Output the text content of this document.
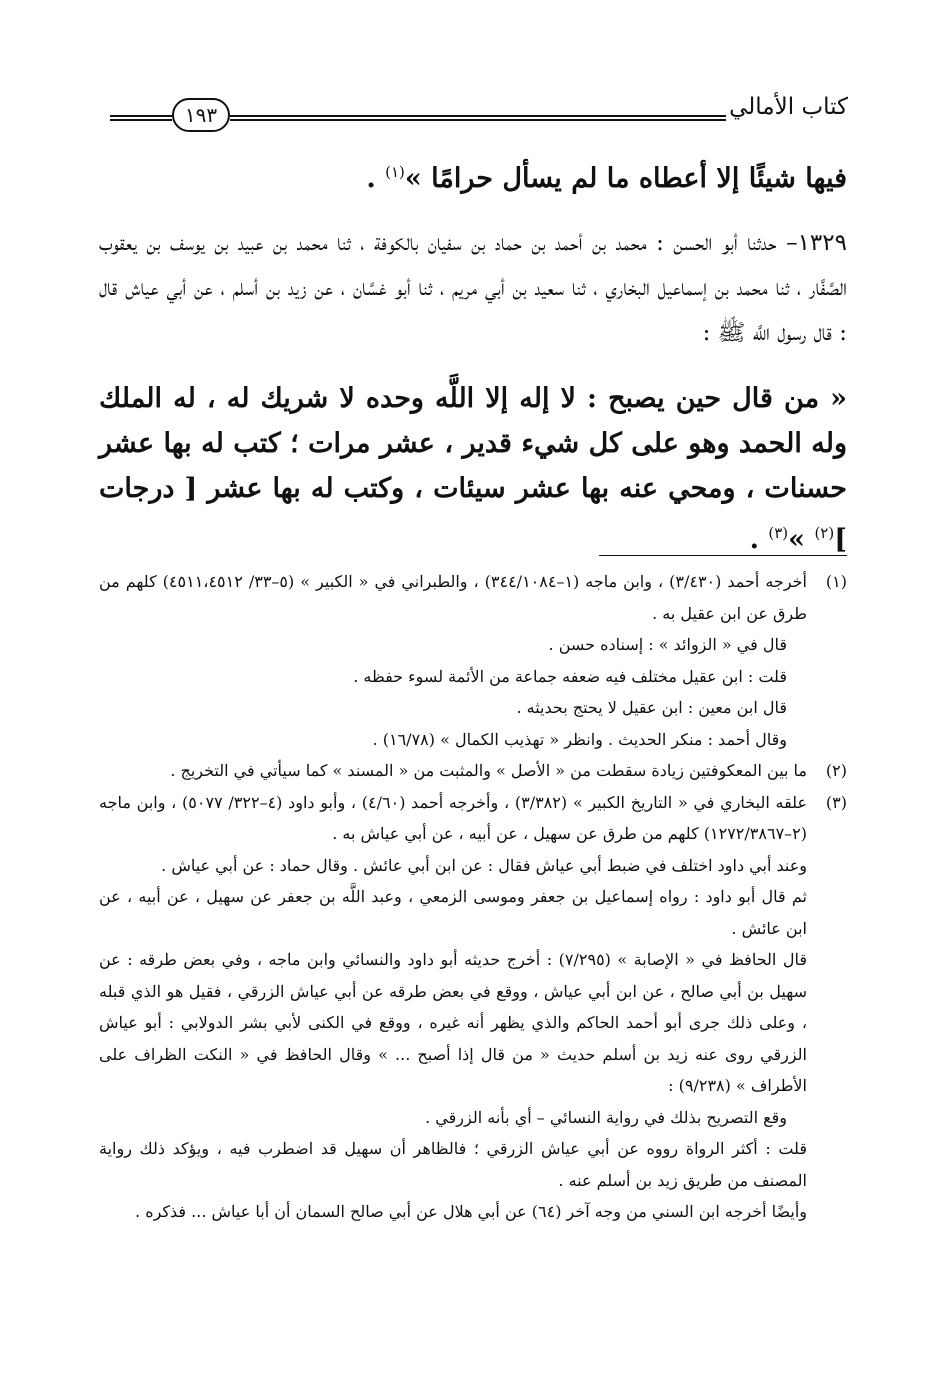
كتاب الأمالي
١٩٣

فيها شيئًا إلا أعطاه ما لم يسأل حرامًا »$^{(١)}$ .

١٣٢٩– حدثنا أبو الحسن : محمد بن أحمد بن حماد بن سفيان بالكوفة ، ثنا محمد بن عبيد بن يوسف بن يعقوب الصَّفَّار ، ثنا محمد بن إسماعيل البخاري ، ثنا سعيد بن أبي مريم ، ثنا أبو غسَّان ، عن زيد بن أسلم ، عن أبي عياش قال : قال رسول اللَّه ﷺ :

« من قال حين يصبح : لا إله إلا اللَّه وحده لا شريك له ، له الملك وله الحمد وهو على كل شيء قدير ، عشر مرات ؛ كتب له بها عشر حسنات ، ومحي عنه بها عشر سيئات ، وكتب له بها عشر [ درجات ]$^{(٢)}$ »$^{(٣)}$ .

(١)

أخرجه أحمد (٣/٤٣٠) ، وابن ماجه (١–٣٤٤/١٠٨٤) ، والطبراني في « الكبير » (٥–٣٣/ ٤٥١١،٤٥١٢) كلهم من طرق عن ابن عقيل به .

قال في « الزوائد » : إسناده حسن .

قلت : ابن عقيل مختلف فيه ضعفه جماعة من الأئمة لسوء حفظه .

قال ابن معين : ابن عقيل لا يحتج بحديثه .

وقال أحمد : منكر الحديث . وانظر « تهذيب الكمال » (١٦/٧٨) .

(٢)

ما بين المعكوفتين زيادة سقطت من « الأصل » والمثبت من « المسند » كما سيأتي في التخريج .

(٣)

علقه البخاري في « التاريخ الكبير » (٣/٣٨٢) ، وأخرجه أحمد (٤/٦٠) ، وأبو داود (٤–٣٢٢/ ٥٠٧٧) ، وابن ماجه (٢–١٢٧٢/٣٨٦٧) كلهم من طرق عن سهيل ، عن أبيه ، عن أبي عياش به .

وعند أبي داود اختلف في ضبط أبي عياش فقال : عن ابن أبي عائش . وقال حماد : عن أبي عياش .

ثم قال أبو داود : رواه إسماعيل بن جعفر وموسى الزمعي ، وعبد اللَّه بن جعفر عن سهيل ، عن أبيه ، عن ابن عائش .

قال الحافظ في « الإصابة » (٧/٢٩٥) : أخرج حديثه أبو داود والنسائي وابن ماجه ، وفي بعض طرقه : عن سهيل بن أبي صالح ، عن ابن أبي عياش ، ووقع في بعض طرقه عن أبي عياش الزرقي ، فقيل هو الذي قبله ، وعلى ذلك جرى أبو أحمد الحاكم والذي يظهر أنه غيره ، ووقع في الكنى لأبي بشر الدولابي : أبو عياش الزرقي روى عنه زيد بن أسلم حديث « من قال إذا أصبح ... » وقال الحافظ في « النكت الظراف على الأطراف » (٩/٢٣٨) :

وقع التصريح بذلك في رواية النسائي – أي بأنه الزرقي .

قلت : أكثر الرواة رووه عن أبي عياش الزرقي ؛ فالظاهر أن سهيل قد اضطرب فيه ، ويؤكد ذلك رواية المصنف من طريق زيد بن أسلم عنه .

وأيضًا أخرجه ابن السني من وجه آخر (٦٤) عن أبي هلال عن أبي صالح السمان أن أبا عياش ... فذكره .
